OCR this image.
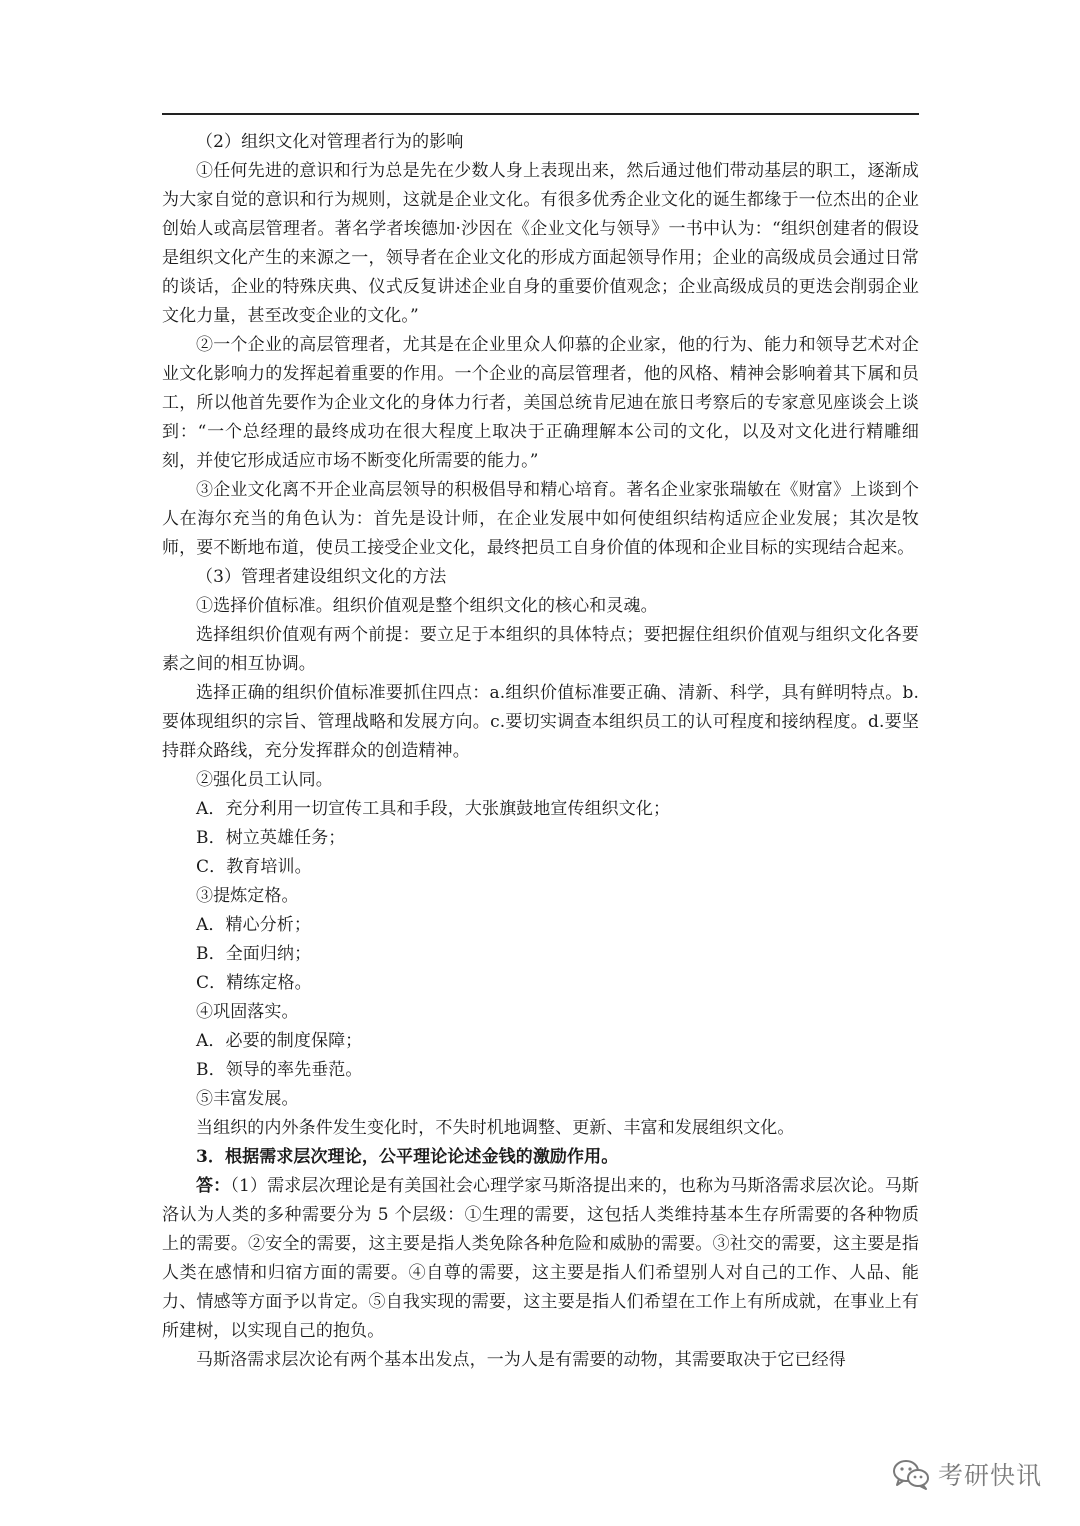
（2）组织文化对管理者行为的影响

①任何先进的意识和行为总是先在少数人身上表现出来，然后通过他们带动基层的职工，逐渐成为大家自觉的意识和行为规则，这就是企业文化。有很多优秀企业文化的诞生都缘于一位杰出的企业创始人或高层管理者。著名学者埃德加·沙因在《企业文化与领导》一书中认为：“组织创建者的假设是组织文化产生的来源之一，领导者在企业文化的形成方面起领导作用；企业的高级成员会通过日常的谈话，企业的特殊庆典、仪式反复讲述企业自身的重要价值观念；企业高级成员的更迭会削弱企业文化力量，甚至改变企业的文化。”

②一个企业的高层管理者，尤其是在企业里众人仰慕的企业家，他的行为、能力和领导艺术对企业文化影响力的发挥起着重要的作用。一个企业的高层管理者，他的风格、精神会影响着其下属和员工，所以他首先要作为企业文化的身体力行者，美国总统肯尼迪在旅日考察后的专家意见座谈会上谈到：“一个总经理的最终成功在很大程度上取决于正确理解本公司的文化，以及对文化进行精雕细刻，并使它形成适应市场不断变化所需要的能力。”

③企业文化离不开企业高层领导的积极倡导和精心培育。著名企业家张瑞敏在《财富》上谈到个人在海尔充当的角色认为：首先是设计师，在企业发展中如何使组织结构适应企业发展；其次是牧师，要不断地布道，使员工接受企业文化，最终把员工自身价值的体现和企业目标的实现结合起来。

（3）管理者建设组织文化的方法

①选择价值标准。组织价值观是整个组织文化的核心和灵魂。

选择组织价值观有两个前提：要立足于本组织的具体特点；要把握住组织价值观与组织文化各要素之间的相互协调。

选择正确的组织价值标准要抓住四点：a.组织价值标准要正确、清新、科学，具有鲜明特点。b.要体现组织的宗旨、管理战略和发展方向。c.要切实调查本组织员工的认可程度和接纳程度。d.要坚持群众路线，充分发挥群众的创造精神。

②强化员工认同。

A．充分利用一切宣传工具和手段，大张旗鼓地宣传组织文化；

B．树立英雄任务；

C．教育培训。

③提炼定格。

A．精心分析；

B．全面归纳；

C．精练定格。

④巩固落实。

A．必要的制度保障；

B．领导的率先垂范。

⑤丰富发展。

当组织的内外条件发生变化时，不失时机地调整、更新、丰富和发展组织文化。

3．根据需求层次理论，公平理论论述金钱的激励作用。

答：（1）需求层次理论是有美国社会心理学家马斯洛提出来的，也称为马斯洛需求层次论。马斯洛认为人类的多种需要分为 5 个层级：①生理的需要，这包括人类维持基本生存所需要的各种物质上的需要。②安全的需要，这主要是指人类免除各种危险和威胁的需要。③社交的需要，这主要是指人类在感情和归宿方面的需要。④自尊的需要，这主要是指人们希望别人对自己的工作、人品、能力、情感等方面予以肯定。⑤自我实现的需要，这主要是指人们希望在工作上有所成就，在事业上有所建树，以实现自己的抱负。

马斯洛需求层次论有两个基本出发点，一为人是有需要的动物，其需要取决于它已经得

考研快讯
